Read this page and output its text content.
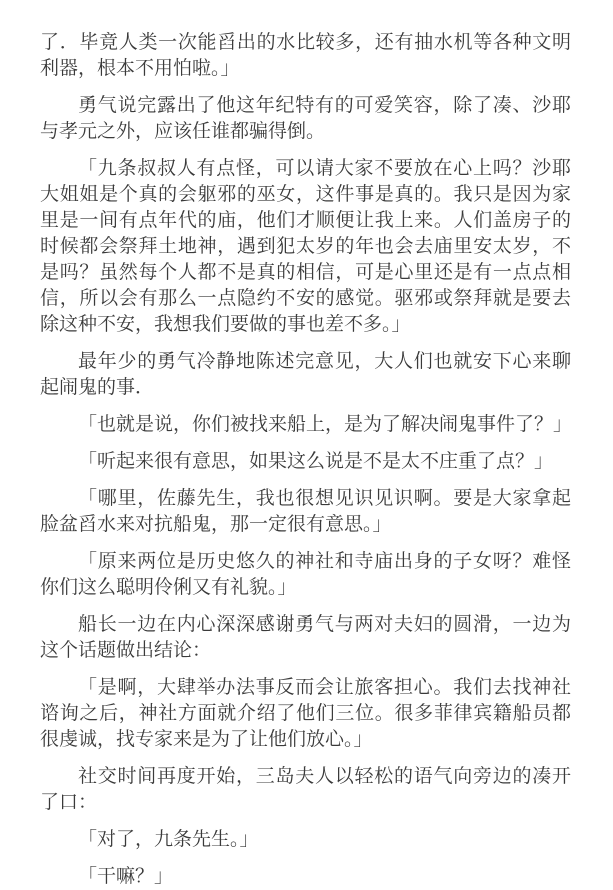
了．毕竟人类一次能舀出的水比较多，还有抽水机等各种文明利器，根本不用怕啦。」

勇气说完露出了他这年纪特有的可爱笑容，除了凑、沙耶与孝元之外，应该任谁都骗得倒。

「九条叔叔人有点怪，可以请大家不要放在心上吗？沙耶大姐姐是个真的会躯邪的巫女，这件事是真的。我只是因为家里是一间有点年代的庙，他们才顺便让我上来。人们盖房子的时候都会祭拜土地神，遇到犯太岁的年也会去庙里安太岁，不是吗？虽然每个人都不是真的相信，可是心里还是有一点点相信，所以会有那么一点隐约不安的感觉。驱邪或祭拜就是要去除这种不安，我想我们要做的事也差不多。」

最年少的勇气冷静地陈述完意见，大人们也就安下心来聊起闹鬼的事．

「也就是说，你们被找来船上，是为了解决闹鬼事件了？」

「听起来很有意思，如果这么说是不是太不庄重了点？」

「哪里，佐藤先生，我也很想见识见识啊。要是大家拿起脸盆舀水来对抗船鬼，那一定很有意思。」

「原来两位是历史悠久的神社和寺庙出身的子女呀？难怪你们这么聪明伶俐又有礼貌。」

船长一边在内心深深感谢勇气与两对夫妇的圆滑，一边为这个话题做出结论：

「是啊，大肆举办法事反而会让旅客担心。我们去找神社谘询之后，神社方面就介绍了他们三位。很多菲律宾籍船员都很虔诚，找专家来是为了让他们放心。」

社交时间再度开始，三岛夫人以轻松的语气向旁边的凑开了口：

「对了，九条先生。」

「干嘛？」
